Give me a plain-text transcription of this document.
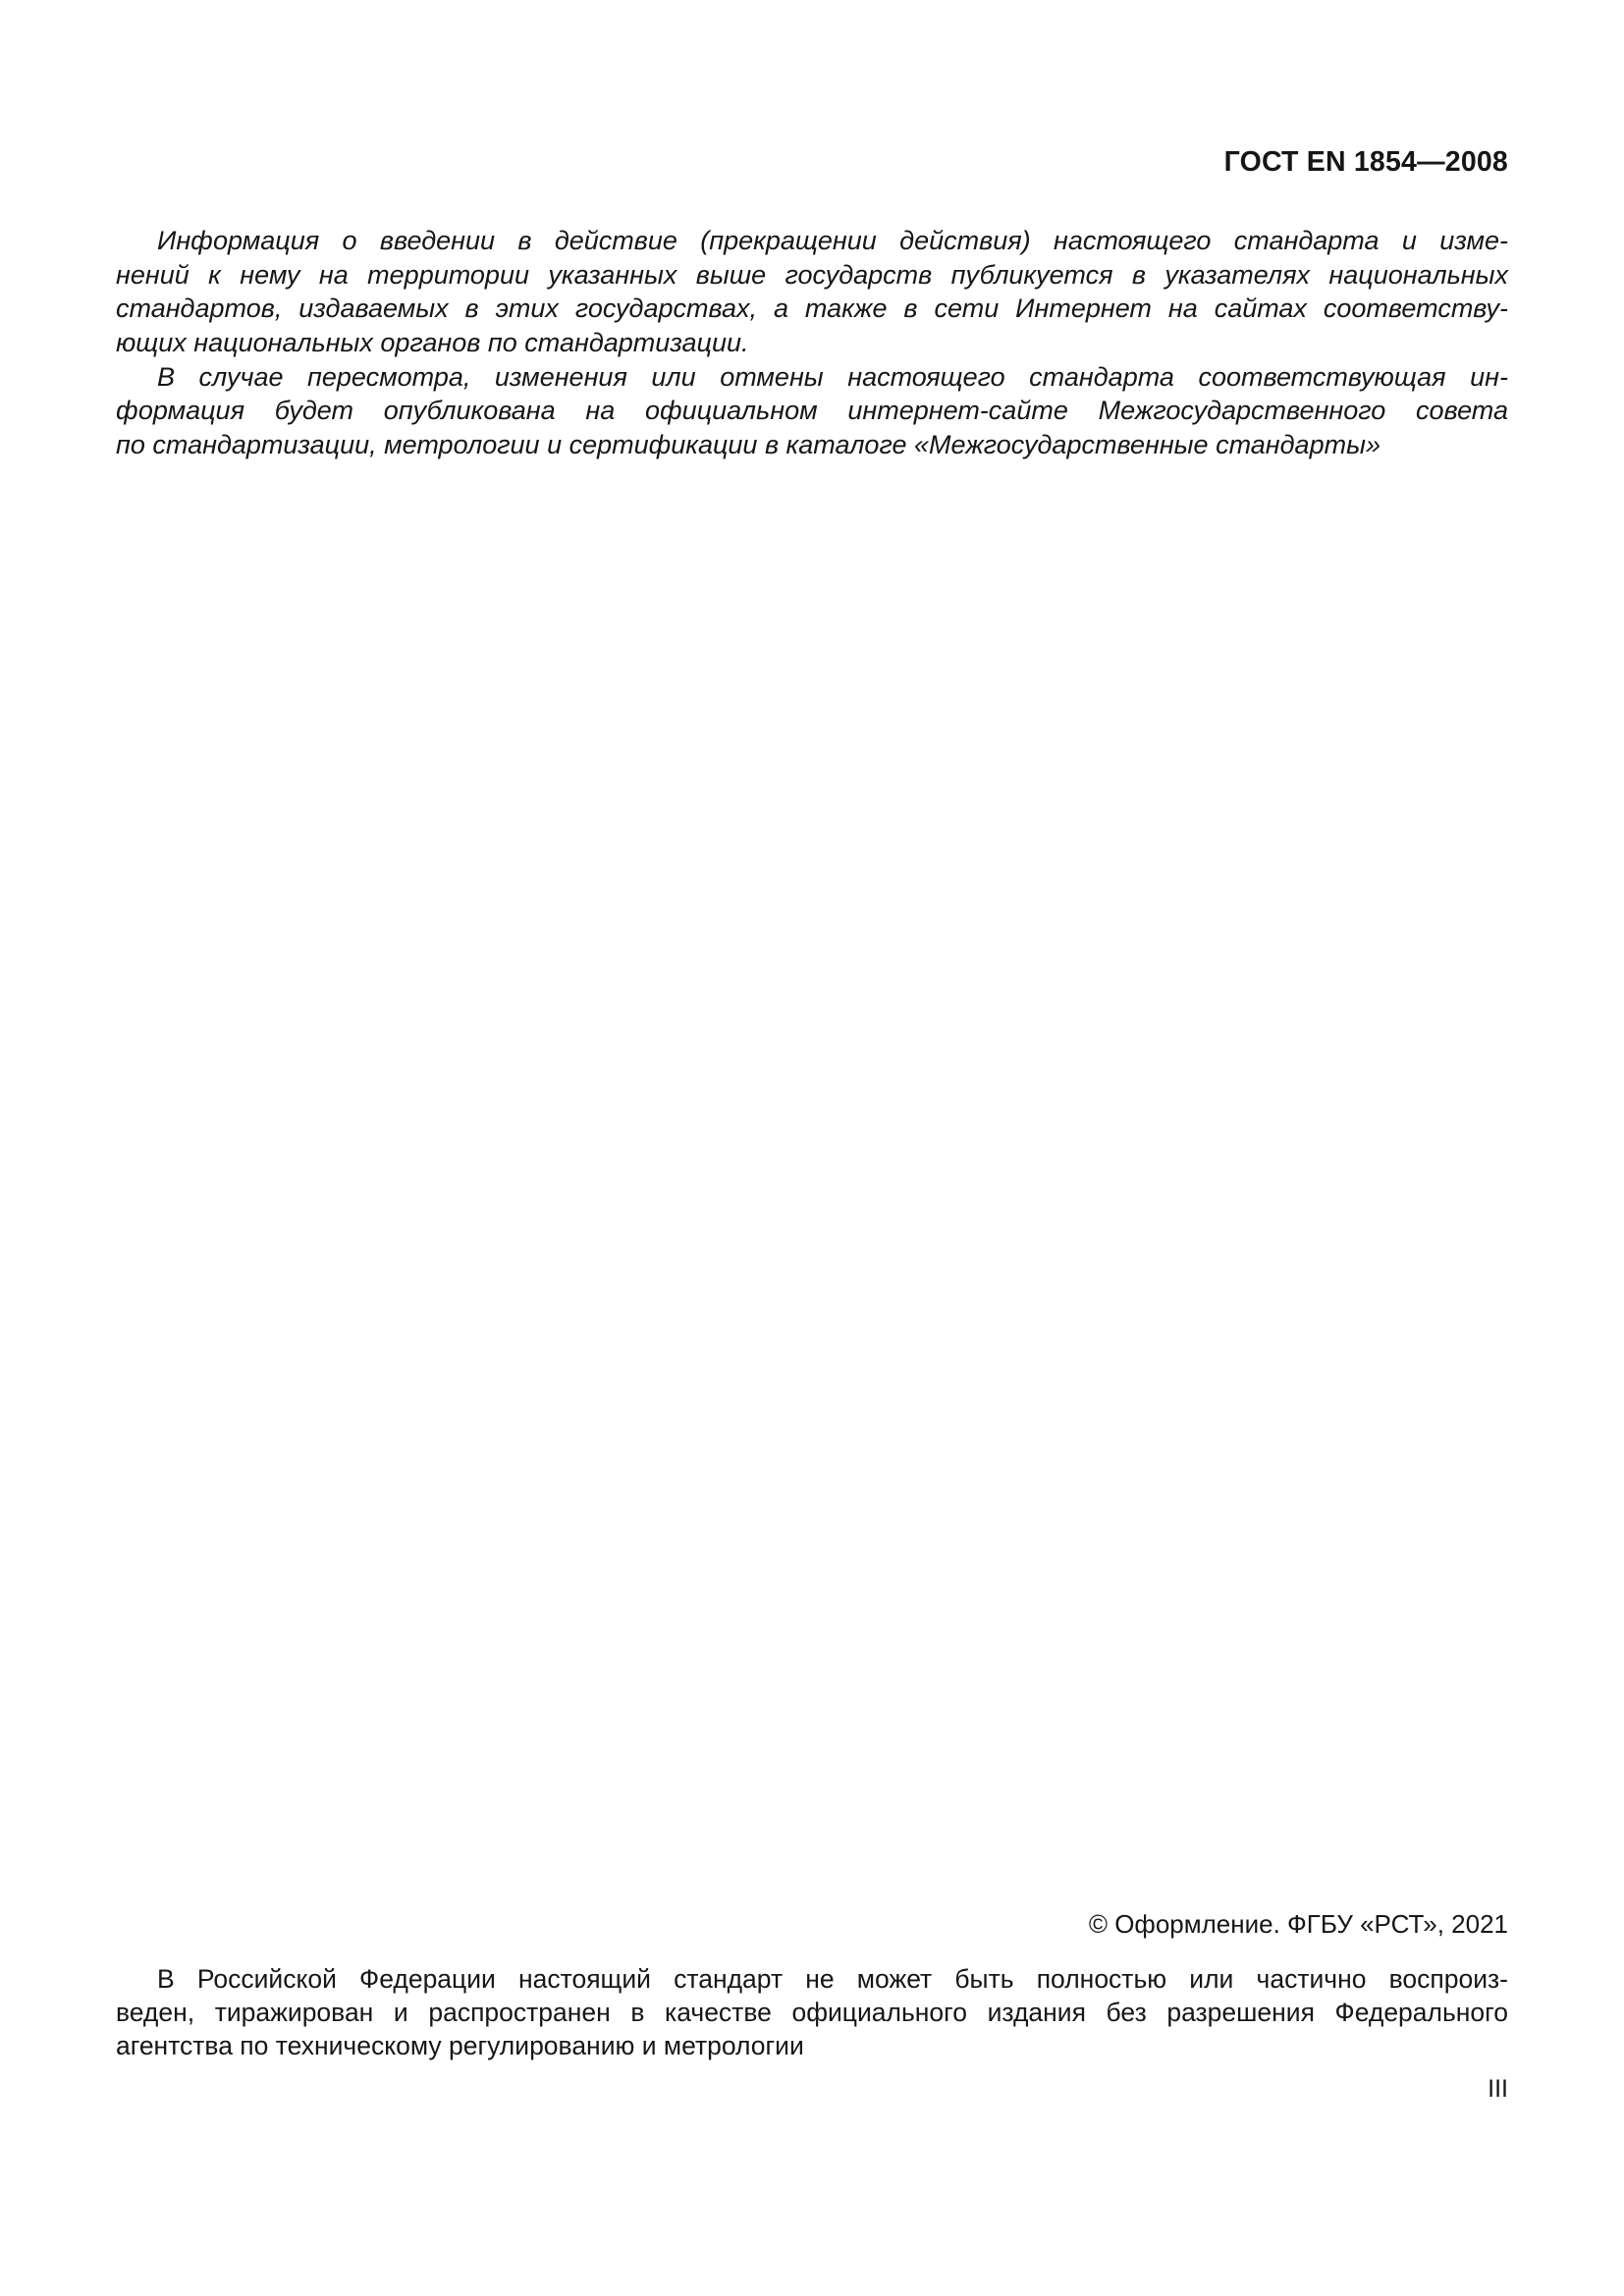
ГОСТ EN 1854—2008

Информация о введении в действие (прекращении действия) настоящего стандарта и изме-
нений к нему на территории указанных выше государств публикуется в указателях национальных
стандартов, издаваемых в этих государствах, а также в сети Интернет на сайтах соответству-
ющих национальных органов по стандартизации.

В случае пересмотра, изменения или отмены настоящего стандарта соответствующая ин-
формация будет опубликована на официальном интернет-сайте Межгосударственного совета
по стандартизации, метрологии и сертификации в каталоге «Межгосударственные стандарты»

© Оформление. ФГБУ «РСТ», 2021

В Российской Федерации настоящий стандарт не может быть полностью или частично воспроиз-
веден, тиражирован и распространен в качестве официального издания без разрешения Федерального
агентства по техническому регулированию и метрологии

III
